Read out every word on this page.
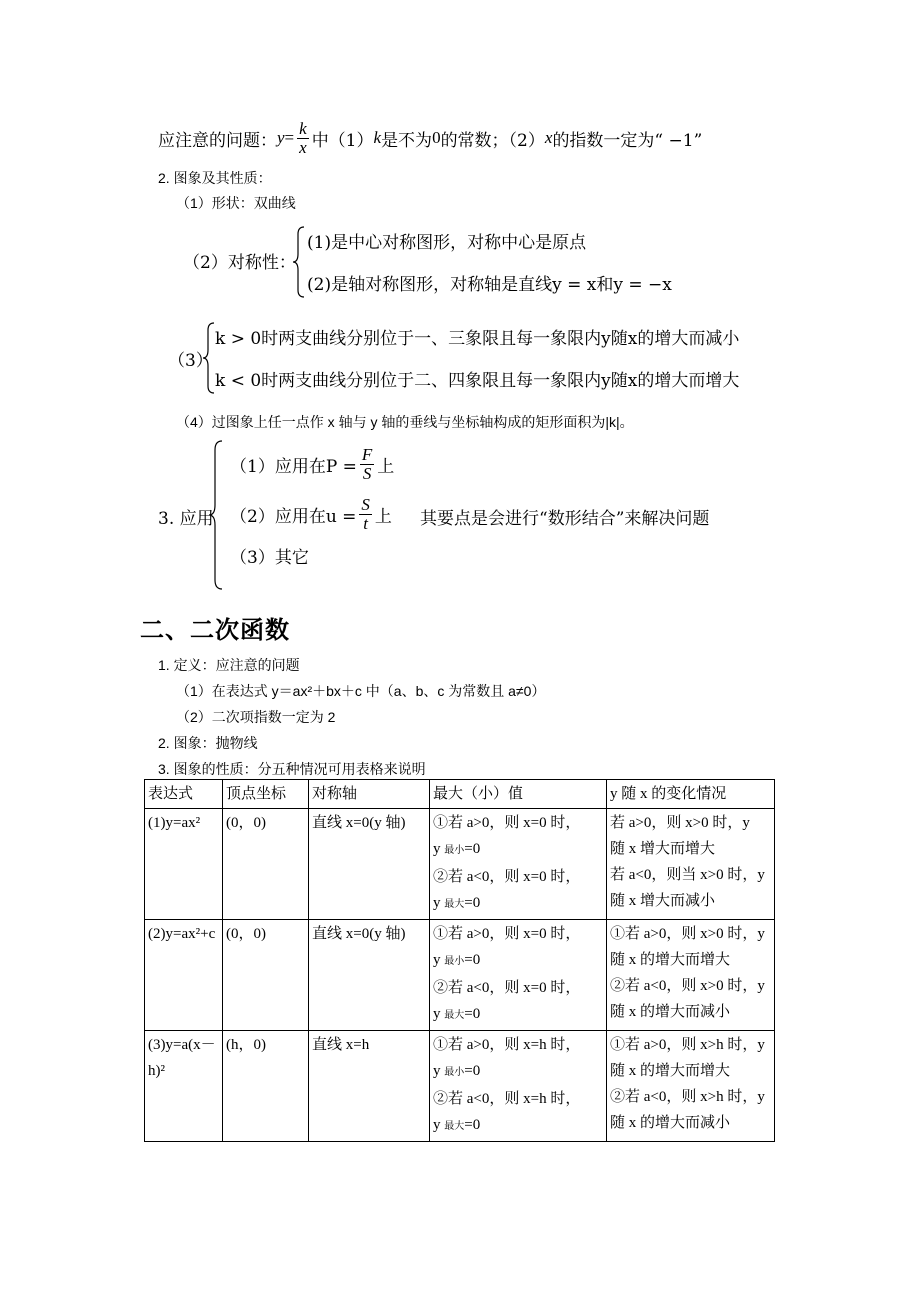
应注意的问题： $y = \frac{k}{x}$ 中（1） k 是不为 0 的常数；（2） x 的指数一定为“ −1”
2. 图象及其性质：
（1）形状：双曲线
（2）对称性：
(1)是中心对称图形，对称中心是原点
(2)是轴对称图形，对称轴是直线y = x和y = −x
（3）
k > 0时两支曲线分别位于一、三象限且每一象限内y随x的增大而减小
k < 0时两支曲线分别位于二、四象限且每一象限内y随x的增大而增大
（4）过图象上任一点作 x 轴与 y 轴的垂线与坐标轴构成的矩形面积为|k|。
3. 应用
（1）应用在$P = \frac{F}{S}$ 上
（2）应用在$u = \frac{S}{t}$ 上 其要点是会进行“数形结合”来解决问题
（3）其它
二、二次函数
1. 定义：应注意的问题
（1）在表达式 y＝ax²＋bx＋c 中（a、b、c 为常数且 a≠0）
（2）二次项指数一定为 2
2. 图象：抛物线
3. 图象的性质：分五种情况可用表格来说明
表达式	顶点坐标	对称轴	最大（小）值	y 随 x 的变化情况
(1)y=ax²	(0，0)	直线 x=0(y 轴)	①若 a>0，则 x=0 时，
y 最小=0
②若 a<0，则 x=0 时，
y 最大=0	若 a>0，则 x>0 时，y
随 x 增大而增大
若 a<0，则当 x>0 时，y
随 x 增大而减小

(2)y=ax²+c	(0，0)	直线 x=0(y 轴)	①若 a>0，则 x=0 时，
y 最小=0
②若 a<0，则 x=0 时，
y 最大=0	①若 a>0，则 x>0 时，y
随 x 的增大而增大
②若 a<0，则 x>0 时，y
随 x 的增大而减小

(3)y=a(x－h)²	(h，0)	直线 x=h	①若 a>0，则 x=h 时，
y 最小=0
②若 a<0，则 x=h 时，
y 最大=0	①若 a>0，则 x>h 时，y
随 x 的增大而增大
②若 a<0，则 x>h 时，y
随 x 的增大而减小
